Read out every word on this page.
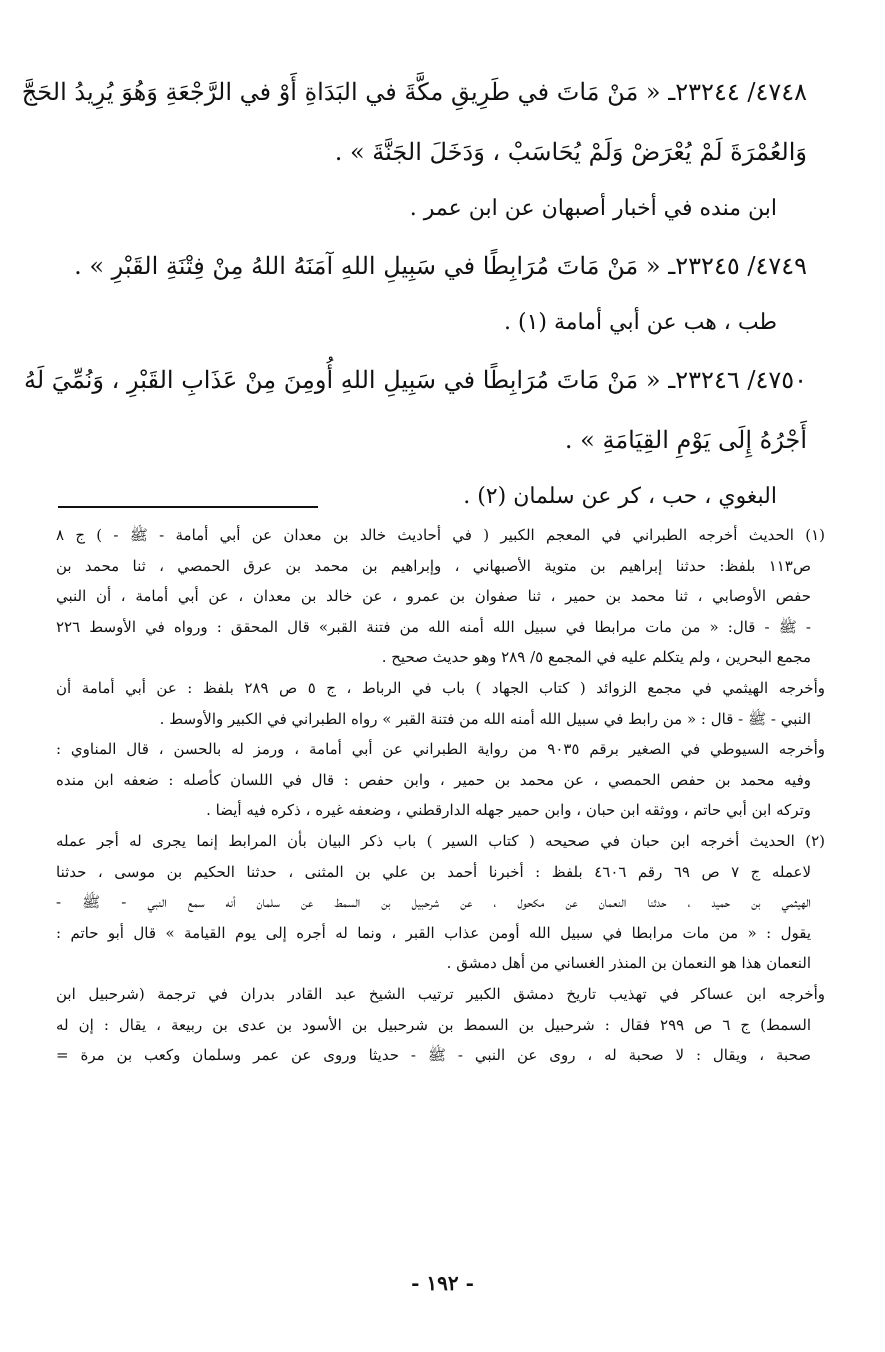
٤٧٤٨/ ٢٣٢٤٤ـ « مَنْ مَاتَ في طَرِيقِ مكَّةَ في البَدَاةِ أَوْ في الرَّجْعَةِ وَهُوَ يُرِيدُ الحَجَّ
وَالعُمْرَةَ لَمْ يُعْرَضْ وَلَمْ يُحَاسَبْ ، وَدَخَلَ الجَنَّةَ » .
ابن منده في أخبار أصبهان عن ابن عمر .
٤٧٤٩/ ٢٣٢٤٥ـ « مَنْ مَاتَ مُرَابِطًا في سَبِيلِ اللهِ آمَنَهُ اللهُ مِنْ فِتْنَةِ القَبْرِ » .
طب ، هب عن أبي أمامة (١) .
٤٧٥٠/ ٢٣٢٤٦ـ « مَنْ مَاتَ مُرَابِطًا في سَبِيلِ اللهِ أُومِنَ مِنْ عَذَابِ القَبْرِ ، وَنُمِّيَ لَهُ
أَجْرُهُ إِلَى يَوْمِ القِيَامَةِ » .
البغوي ، حب ، كر عن سلمان (٢) .
(١) الحديث أخرجه الطبراني في المعجم الكبير ( في أحاديث خالد بن معدان عن أبي أمامة - ﷺ - ) ج ٨
ص١١٣ بلفظ: حدثنا إبراهيم بن متوية الأصبهاني ، وإبراهيم بن محمد بن عرق الحمصي ، ثنا محمد بن
حفص الأوصابي ، ثنا محمد بن حمير ، ثنا صفوان بن عمرو ، عن خالد بن معدان ، عن أبي أمامة ، أن النبي
- ﷺ - قال: « من مات مرابطا في سبيل الله أمنه الله من فتنة القبر» قال المحقق : ورواه في الأوسط ٢٢٦
مجمع البحرين ، ولم يتكلم عليه في المجمع ٥/ ٢٨٩ وهو حديث صحيح .
وأخرجه الهيثمي في مجمع الزوائد ( كتاب الجهاد ) باب في الرباط ، ج ٥ ص ٢٨٩ بلفظ : عن أبي أمامة أن
النبي - ﷺ - قال : « من رابط في سبيل الله أمنه الله من فتنة القبر » رواه الطبراني في الكبير والأوسط .
وأخرجه السيوطي في الصغير برقم ٩٠٣٥ من رواية الطبراني عن أبي أمامة ، ورمز له بالحسن ، قال المناوي :
وفيه محمد بن حفص الحمصي ، عن محمد بن حمير ، وابن حفص : قال في اللسان كأصله : ضعفه ابن منده
وتركه ابن أبي حاتم ، ووثقه ابن حبان ، وابن حمير جهله الدارقطني ، وضعفه غيره ، ذكره فيه أيضا .
(٢) الحديث أخرجه ابن حبان في صحيحه ( كتاب السير ) باب ذكر البيان بأن المرابط إنما يجرى له أجر عمله
لاعمله ج ٧ ص ٦٩ رقم ٤٦٠٦ بلفظ : أخبرنا أحمد بن علي بن المثنى ، حدثنا الحكيم بن موسى ، حدثنا
الهيثمي بن حميد ، حدثنا النعمان عن مكحول ، عن شرحبيل بن السمط عن سلمان أنه سمع النبي - ﷺ -
يقول : « من مات مرابطا في سبيل الله أومن عذاب القبر ، ونما له أجره إلى يوم القيامة » قال أبو حاتم :
النعمان هذا هو النعمان بن المنذر الغساني من أهل دمشق .
وأخرجه ابن عساكر في تهذيب تاريخ دمشق الكبير ترتيب الشيخ عبد القادر بدران في ترجمة (شرحبيل ابن
السمط) ج ٦ ص ٢٩٩ فقال : شرحبيل بن السمط بن شرحبيل بن الأسود بن عدى بن ربيعة ، يقال : إن له
صحبة ، ويقال : لا صحبة له ، روى عن النبي - ﷺ - حديثا وروى عن عمر وسلمان وكعب بن مرة =
- ١٩٢ -
